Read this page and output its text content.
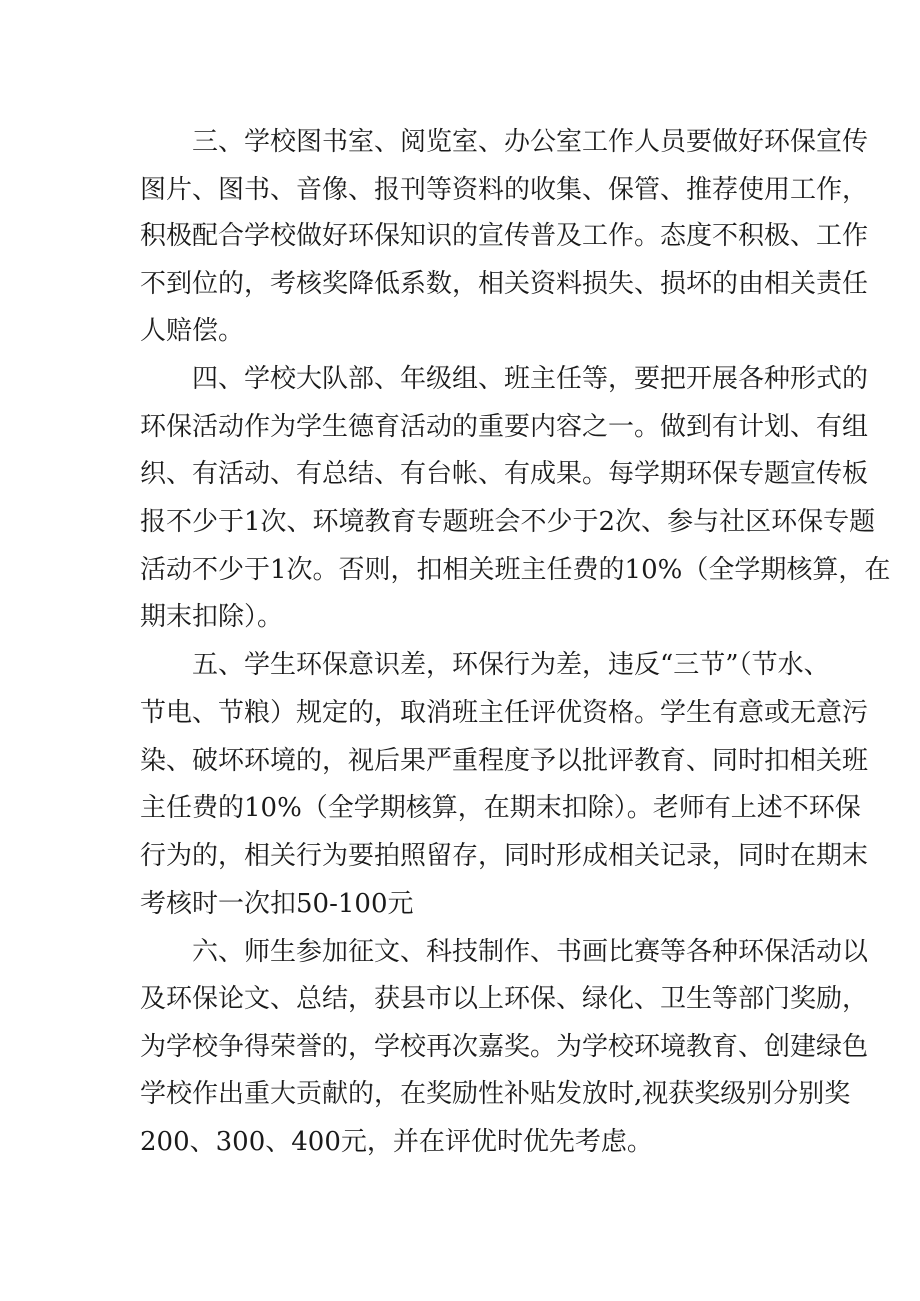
三、学校图书室、阅览室、办公室工作人员要做好环保宣传
图片、图书、音像、报刊等资料的收集、保管、推荐使用工作，
积极配合学校做好环保知识的宣传普及工作。态度不积极、工作
不到位的，考核奖降低系数，相关资料损失、损坏的由相关责任
人赔偿。
四、学校大队部、年级组、班主任等，要把开展各种形式的
环保活动作为学生德育活动的重要内容之一。做到有计划、有组
织、有活动、有总结、有台帐、有成果。每学期环保专题宣传板
报不少于1次、环境教育专题班会不少于2次、参与社区环保专题
活动不少于1次。否则，扣相关班主任费的10%（全学期核算，在
期末扣除）。
五、学生环保意识差，环保行为差，违反“三节”（节水、
节电、节粮）规定的，取消班主任评优资格。学生有意或无意污
染、破坏环境的，视后果严重程度予以批评教育、同时扣相关班
主任费的10%（全学期核算，在期末扣除）。老师有上述不环保
行为的，相关行为要拍照留存，同时形成相关记录，同时在期末
考核时一次扣50-100元
六、师生参加征文、科技制作、书画比赛等各种环保活动以
及环保论文、总结，获县市以上环保、绿化、卫生等部门奖励，
为学校争得荣誉的，学校再次嘉奖。为学校环境教育、创建绿色
学校作出重大贡献的，在奖励性补贴发放时,视获奖级别分别奖
200、300、400元，并在评优时优先考虑。
